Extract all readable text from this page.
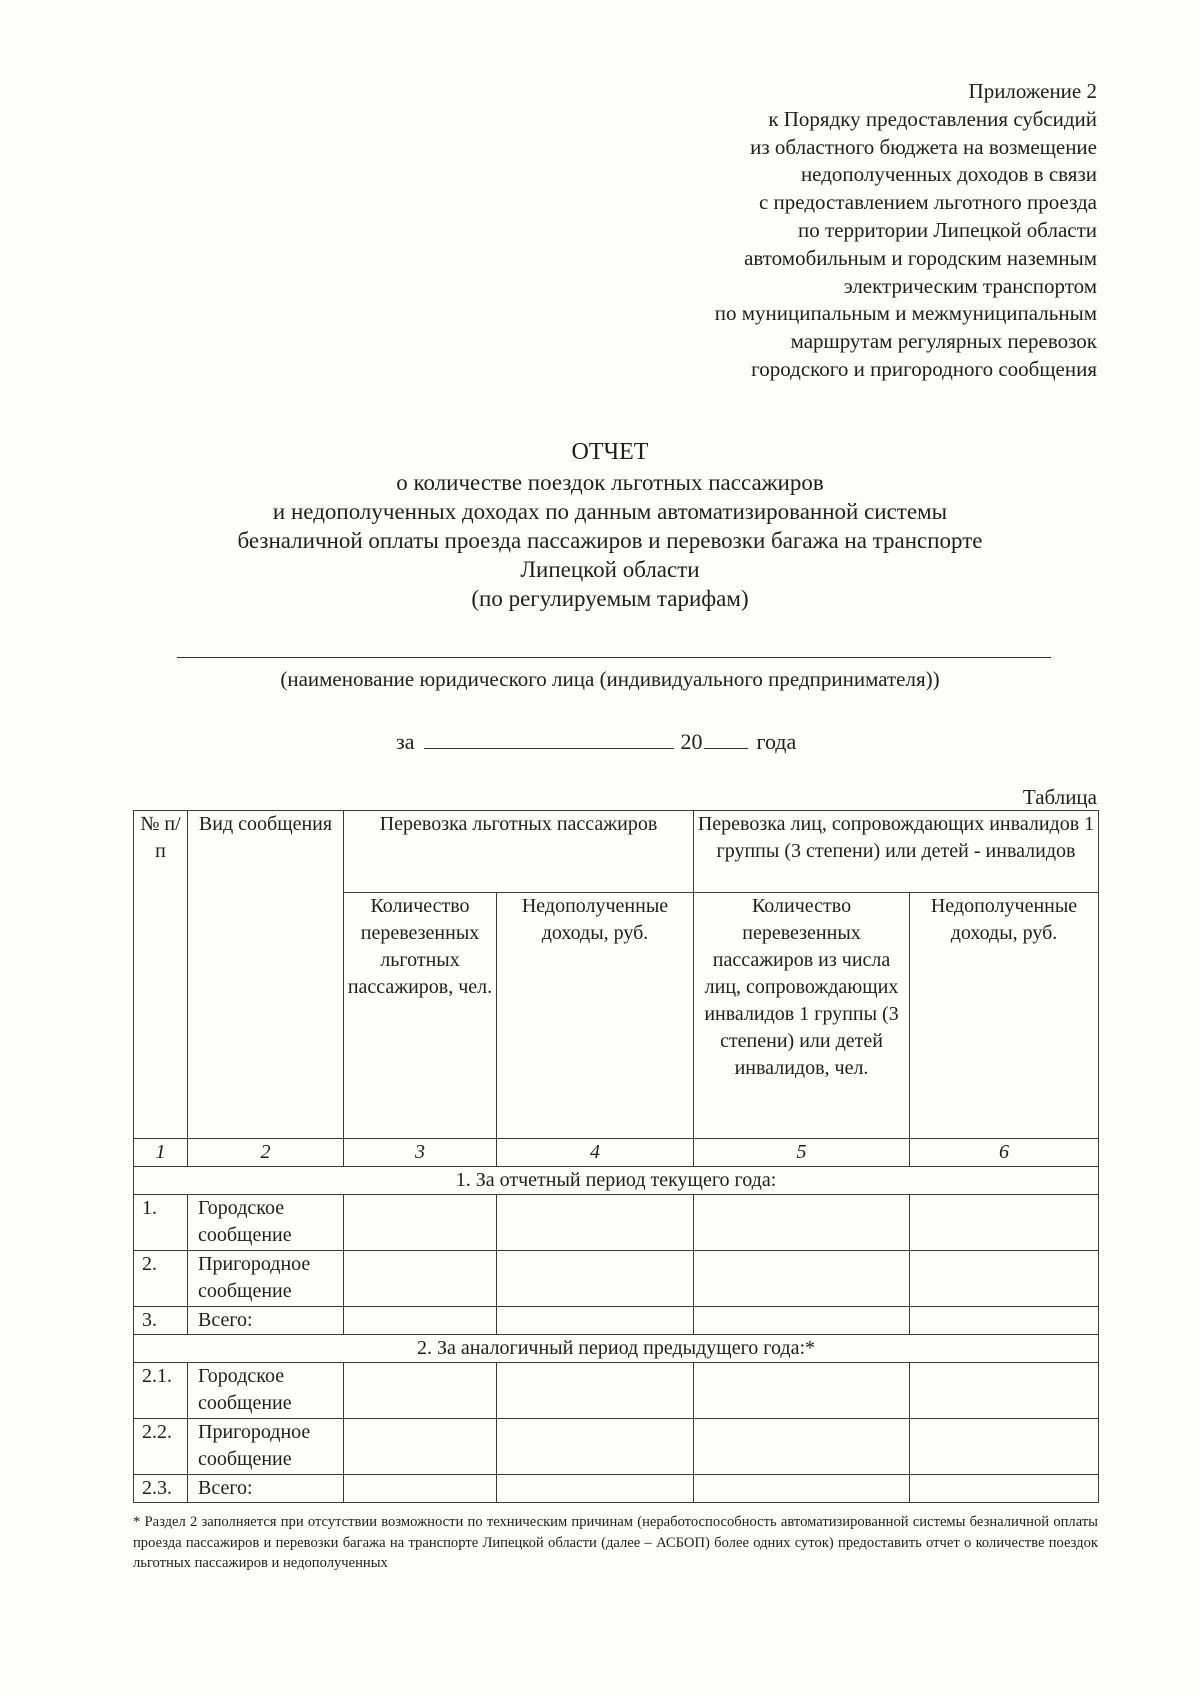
Приложение 2
к Порядку предоставления субсидий
из областного бюджета на возмещение
недополученных доходов в связи
с предоставлением льготного проезда
по территории Липецкой области
автомобильным и городским наземным
электрическим транспортом
по муниципальным и межмуниципальным
маршрутам регулярных перевозок
городского и пригородного сообщения
ОТЧЕТ
о количестве поездок льготных пассажиров
и недополученных доходах по данным автоматизированной системы
безналичной оплаты проезда пассажиров и перевозки багажа на транспорте
Липецкой области
(по регулируемым тарифам)
(наименование юридического лица (индивидуального предпринимателя))
за	20 года
Таблица
№ п/п	Вид сообщения	Перевозка льготных пассажиров		Перевозка лиц, сопровождающих инвалидов 1 группы (3 степени) или детей - инвалидов	
		Количество перевезенных льготных пассажиров, чел.	Недополученные доходы, руб.	Количество перевезенных пассажиров из числа лиц, сопровождающих инвалидов 1 группы (3 степени) или детей инвалидов, чел.	Недополученные доходы, руб.
1	2	3	4	5	6
1. За отчетный период текущего года:					
1.	Городское сообщение				
2.	Пригородное сообщение				
3.	Всего:				
2. За аналогичный период предыдущего года:*					
2.1.	Городское сообщение				
2.2.	Пригородное сообщение				
2.3.	Всего:				
* Раздел 2 заполняется при отсутствии возможности по техническим причинам (неработоспособность автоматизированной системы безналичной оплаты проезда пассажиров и перевозки багажа на транспорте Липецкой области (далее – АСБОП) более одних суток) предоставить отчет о количестве поездок льготных пассажиров и недополученных
